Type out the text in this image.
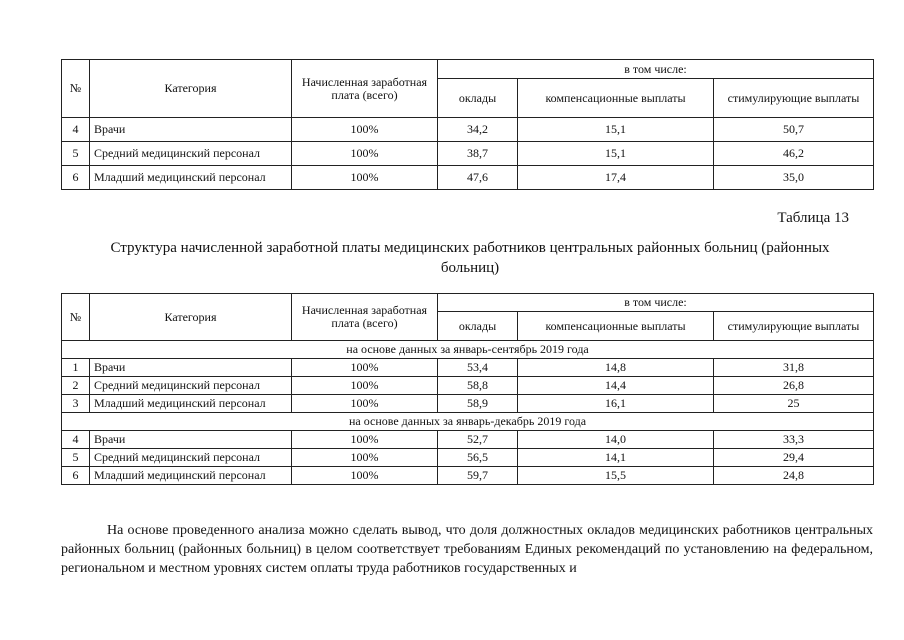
№	Категория	Начисленная заработная плата (всего)	в том числе:		
			оклады	компенсационные выплаты	стимулирующие выплаты
4	Врачи	100%	34,2	15,1	50,7
5	Средний медицинский персонал	100%	38,7	15,1	46,2
6	Младший медицинский персонал	100%	47,6	17,4	35,0
Таблица 13
Структура начисленной заработной платы медицинских работников центральных районных больниц (районных больниц)
№	Категория	Начисленная заработная плата (всего)	в том числе:		
			оклады	компенсационные выплаты	стимулирующие выплаты
на основе данных за январь-сентябрь 2019 года					
1	Врачи	100%	53,4	14,8	31,8
2	Средний медицинский персонал	100%	58,8	14,4	26,8
3	Младший медицинский персонал	100%	58,9	16,1	25
на основе данных за январь-декабрь 2019 года					
4	Врачи	100%	52,7	14,0	33,3
5	Средний медицинский персонал	100%	56,5	14,1	29,4
6	Младший медицинский персонал	100%	59,7	15,5	24,8

На основе проведенного анализа можно сделать вывод, что доля должностных окладов медицинских работников центральных районных больниц (районных больниц) в целом соответствует требованиям Единых рекомендаций по установлению на федеральном, региональном и местном уровнях систем оплаты труда работников государственных и
